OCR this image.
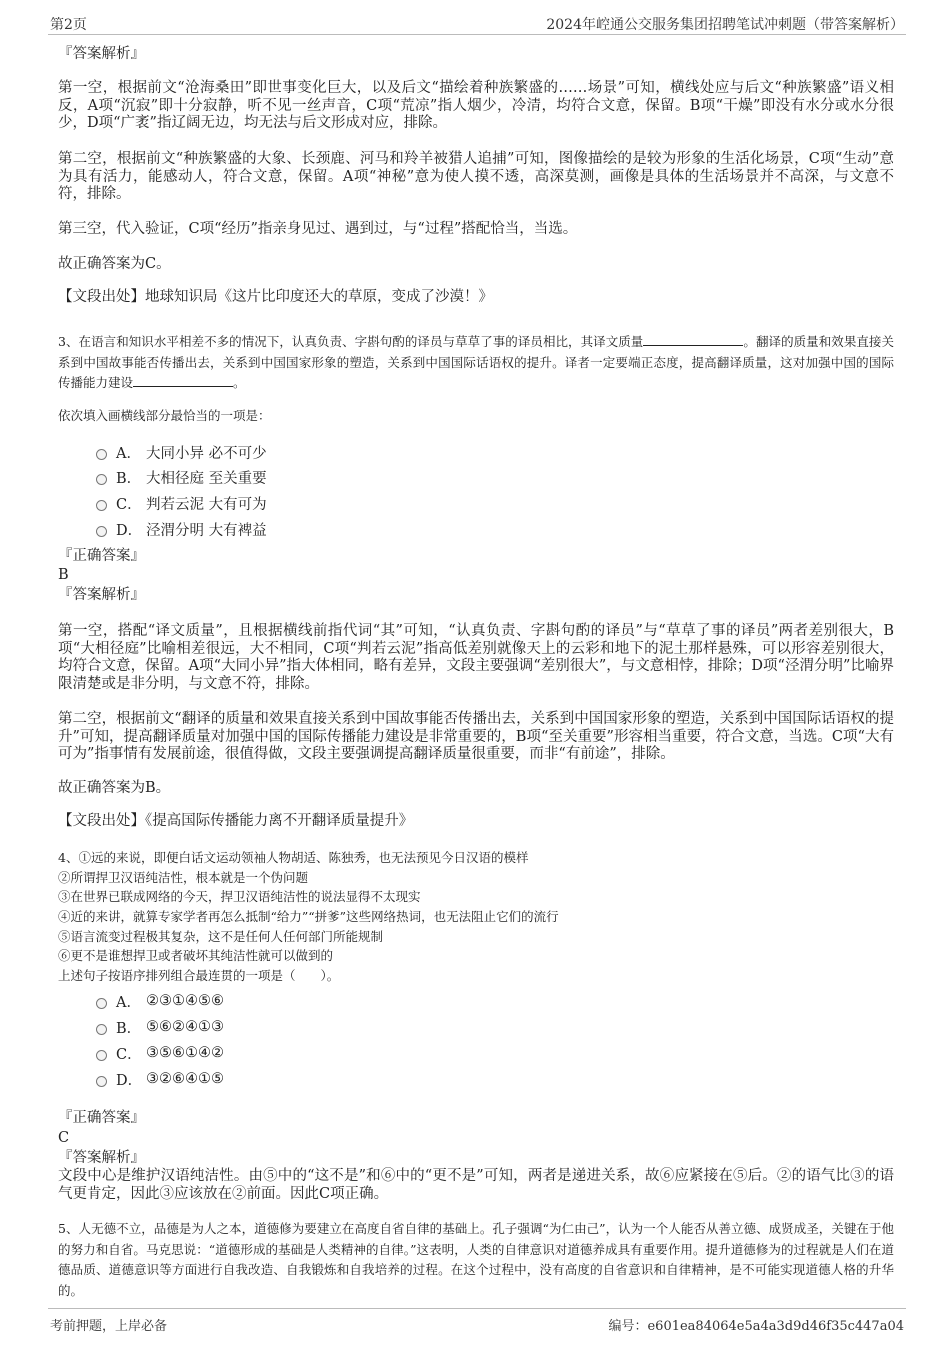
第2页	2024年崆通公交服务集团招聘笔试冲刺题（带答案解析）
『答案解析』
第一空，根据前文“沧海桑田”即世事变化巨大，以及后文“描绘着种族繁盛的……场景”可知，横线处应与后文“种族繁盛”语义相反，A项“沉寂”即十分寂静，听不见一丝声音，C项“荒凉”指人烟少，冷清，均符合文意，保留。B项“干燥”即没有水分或水分很少，D项“广袤”指辽阔无边，均无法与后文形成对应，排除。
第二空，根据前文“种族繁盛的大象、长颈鹿、河马和羚羊被猎人追捕”可知，图像描绘的是较为形象的生活化场景，C项“生动”意为具有活力，能感动人，符合文意，保留。A项“神秘”意为使人摸不透，高深莫测，画像是具体的生活场景并不高深，与文意不符，排除。
第三空，代入验证，C项“经历”指亲身见过、遇到过，与“过程”搭配恰当，当选。
故正确答案为C。
【文段出处】地球知识局《这片比印度还大的草原，变成了沙漠！》
3、在语言和知识水平相差不多的情况下，认真负责、字斟句酌的译员与草草了事的译员相比，其译文质量	。翻译的质量和效果直接关系到中国故事能否传播出去，关系到中国国家形象的塑造，关系到中国国际话语权的提升。译者一定要端正态度，提高翻译质量，这对加强中国的国际传播能力建设	。
依次填入画横线部分最恰当的一项是：
A． 大同小异 必不可少
B． 大相径庭 至关重要
C． 判若云泥 大有可为
D． 泾渭分明 大有裨益
『正确答案』
B
『答案解析』
第一空，搭配“译文质量”，且根据横线前指代词“其”可知，“认真负责、字斟句酌的译员”与“草草了事的译员”两者差别很大，B项“大相径庭”比喻相差很远，大不相同，C项“判若云泥”指高低差别就像天上的云彩和地下的泥土那样悬殊，可以形容差别很大，均符合文意，保留。A项“大同小异”指大体相同，略有差异，文段主要强调“差别很大”，与文意相悖，排除；D项“泾渭分明”比喻界限清楚或是非分明，与文意不符，排除。
第二空，根据前文“翻译的质量和效果直接关系到中国故事能否传播出去，关系到中国国家形象的塑造，关系到中国国际话语权的提升”可知，提高翻译质量对加强中国的国际传播能力建设是非常重要的，B项“至关重要”形容相当重要，符合文意，当选。C项“大有可为”指事情有发展前途，很值得做，文段主要强调提高翻译质量很重要，而非“有前途”，排除。
故正确答案为B。
【文段出处】《提高国际传播能力离不开翻译质量提升》
4、①远的来说，即便白话文运动领袖人物胡适、陈独秀，也无法预见今日汉语的模样
②所谓捍卫汉语纯洁性，根本就是一个伪问题
③在世界已联成网络的今天，捍卫汉语纯洁性的说法显得不太现实
④近的来讲，就算专家学者再怎么抵制“给力”“拼爹”这些网络热词，也无法阻止它们的流行
⑤语言流变过程极其复杂，这不是任何人任何部门所能规制
⑥更不是谁想捍卫或者破坏其纯洁性就可以做到的
上述句子按语序排列组合最连贯的一项是（　　）。
A． ②③①④⑤⑥
B． ⑤⑥②④①③
C． ③⑤⑥①④②
D． ③②⑥④①⑤
『正确答案』
C
『答案解析』
文段中心是维护汉语纯洁性。由⑤中的“这不是”和⑥中的“更不是”可知，两者是递进关系，故⑥应紧接在⑤后。②的语气比③的语气更肯定，因此③应该放在②前面。因此C项正确。
5、人无德不立，品德是为人之本，道德修为要建立在高度自省自律的基础上。孔子强调“为仁由己”，认为一个人能否从善立德、成贤成圣，关键在于他的努力和自省。马克思说：“道德形成的基础是人类精神的自律。”这表明，人类的自律意识对道德养成具有重要作用。提升道德修为的过程就是人们在道德品质、道德意识等方面进行自我改造、自我锻炼和自我培养的过程。在这个过程中，没有高度的自省意识和自律精神，是不可能实现道德人格的升华的。
考前押题，上岸必备	编号：e601ea84064e5a4a3d9d46f35c447a04
